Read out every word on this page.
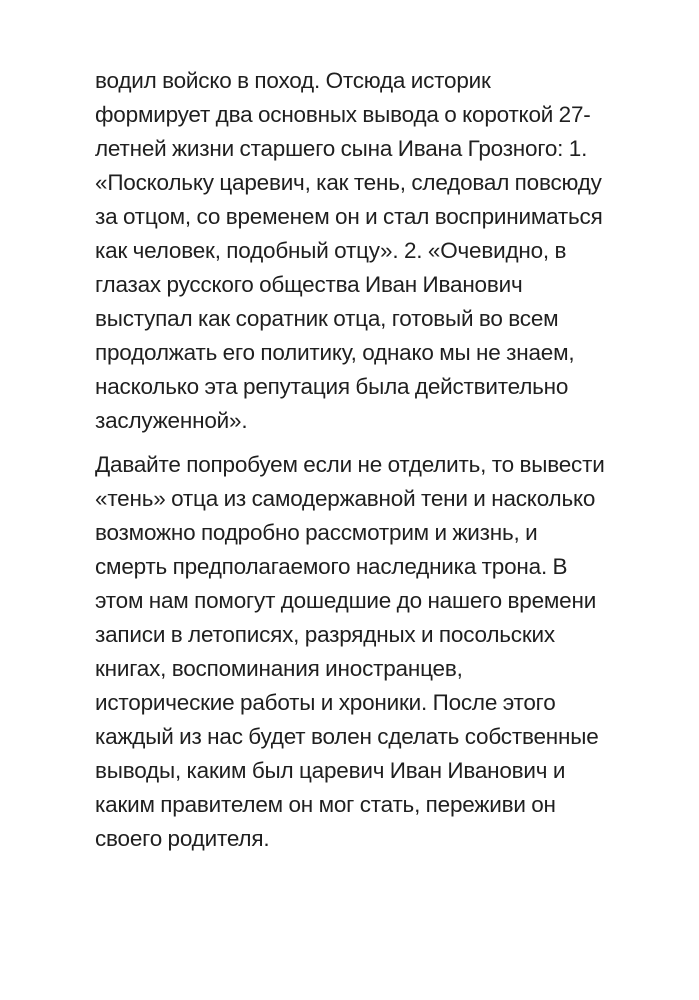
водил войско в поход. Отсюда историк
формирует два основных вывода о короткой 27-
летней жизни старшего сына Ивана Грозного: 1.
«Поскольку царевич, как тень, следовал повсюду
за отцом, со временем он и стал восприниматься
как человек, подобный отцу». 2. «Очевидно, в
глазах русского общества Иван Иванович
выступал как соратник отца, готовый во всем
продолжать его политику, однако мы не знаем,
насколько эта репутация была действительно
заслуженной».
Давайте попробуем если не отделить, то вывести
«тень» отца из самодержавной тени и насколько
возможно подробно рассмотрим и жизнь, и
смерть предполагаемого наследника трона. В
этом нам помогут дошедшие до нашего времени
записи в летописях, разрядных и посольских
книгах, воспоминания иностранцев,
исторические работы и хроники. После этого
каждый из нас будет волен сделать собственные
выводы, каким был царевич Иван Иванович и
каким правителем он мог стать, переживи он
своего родителя.
